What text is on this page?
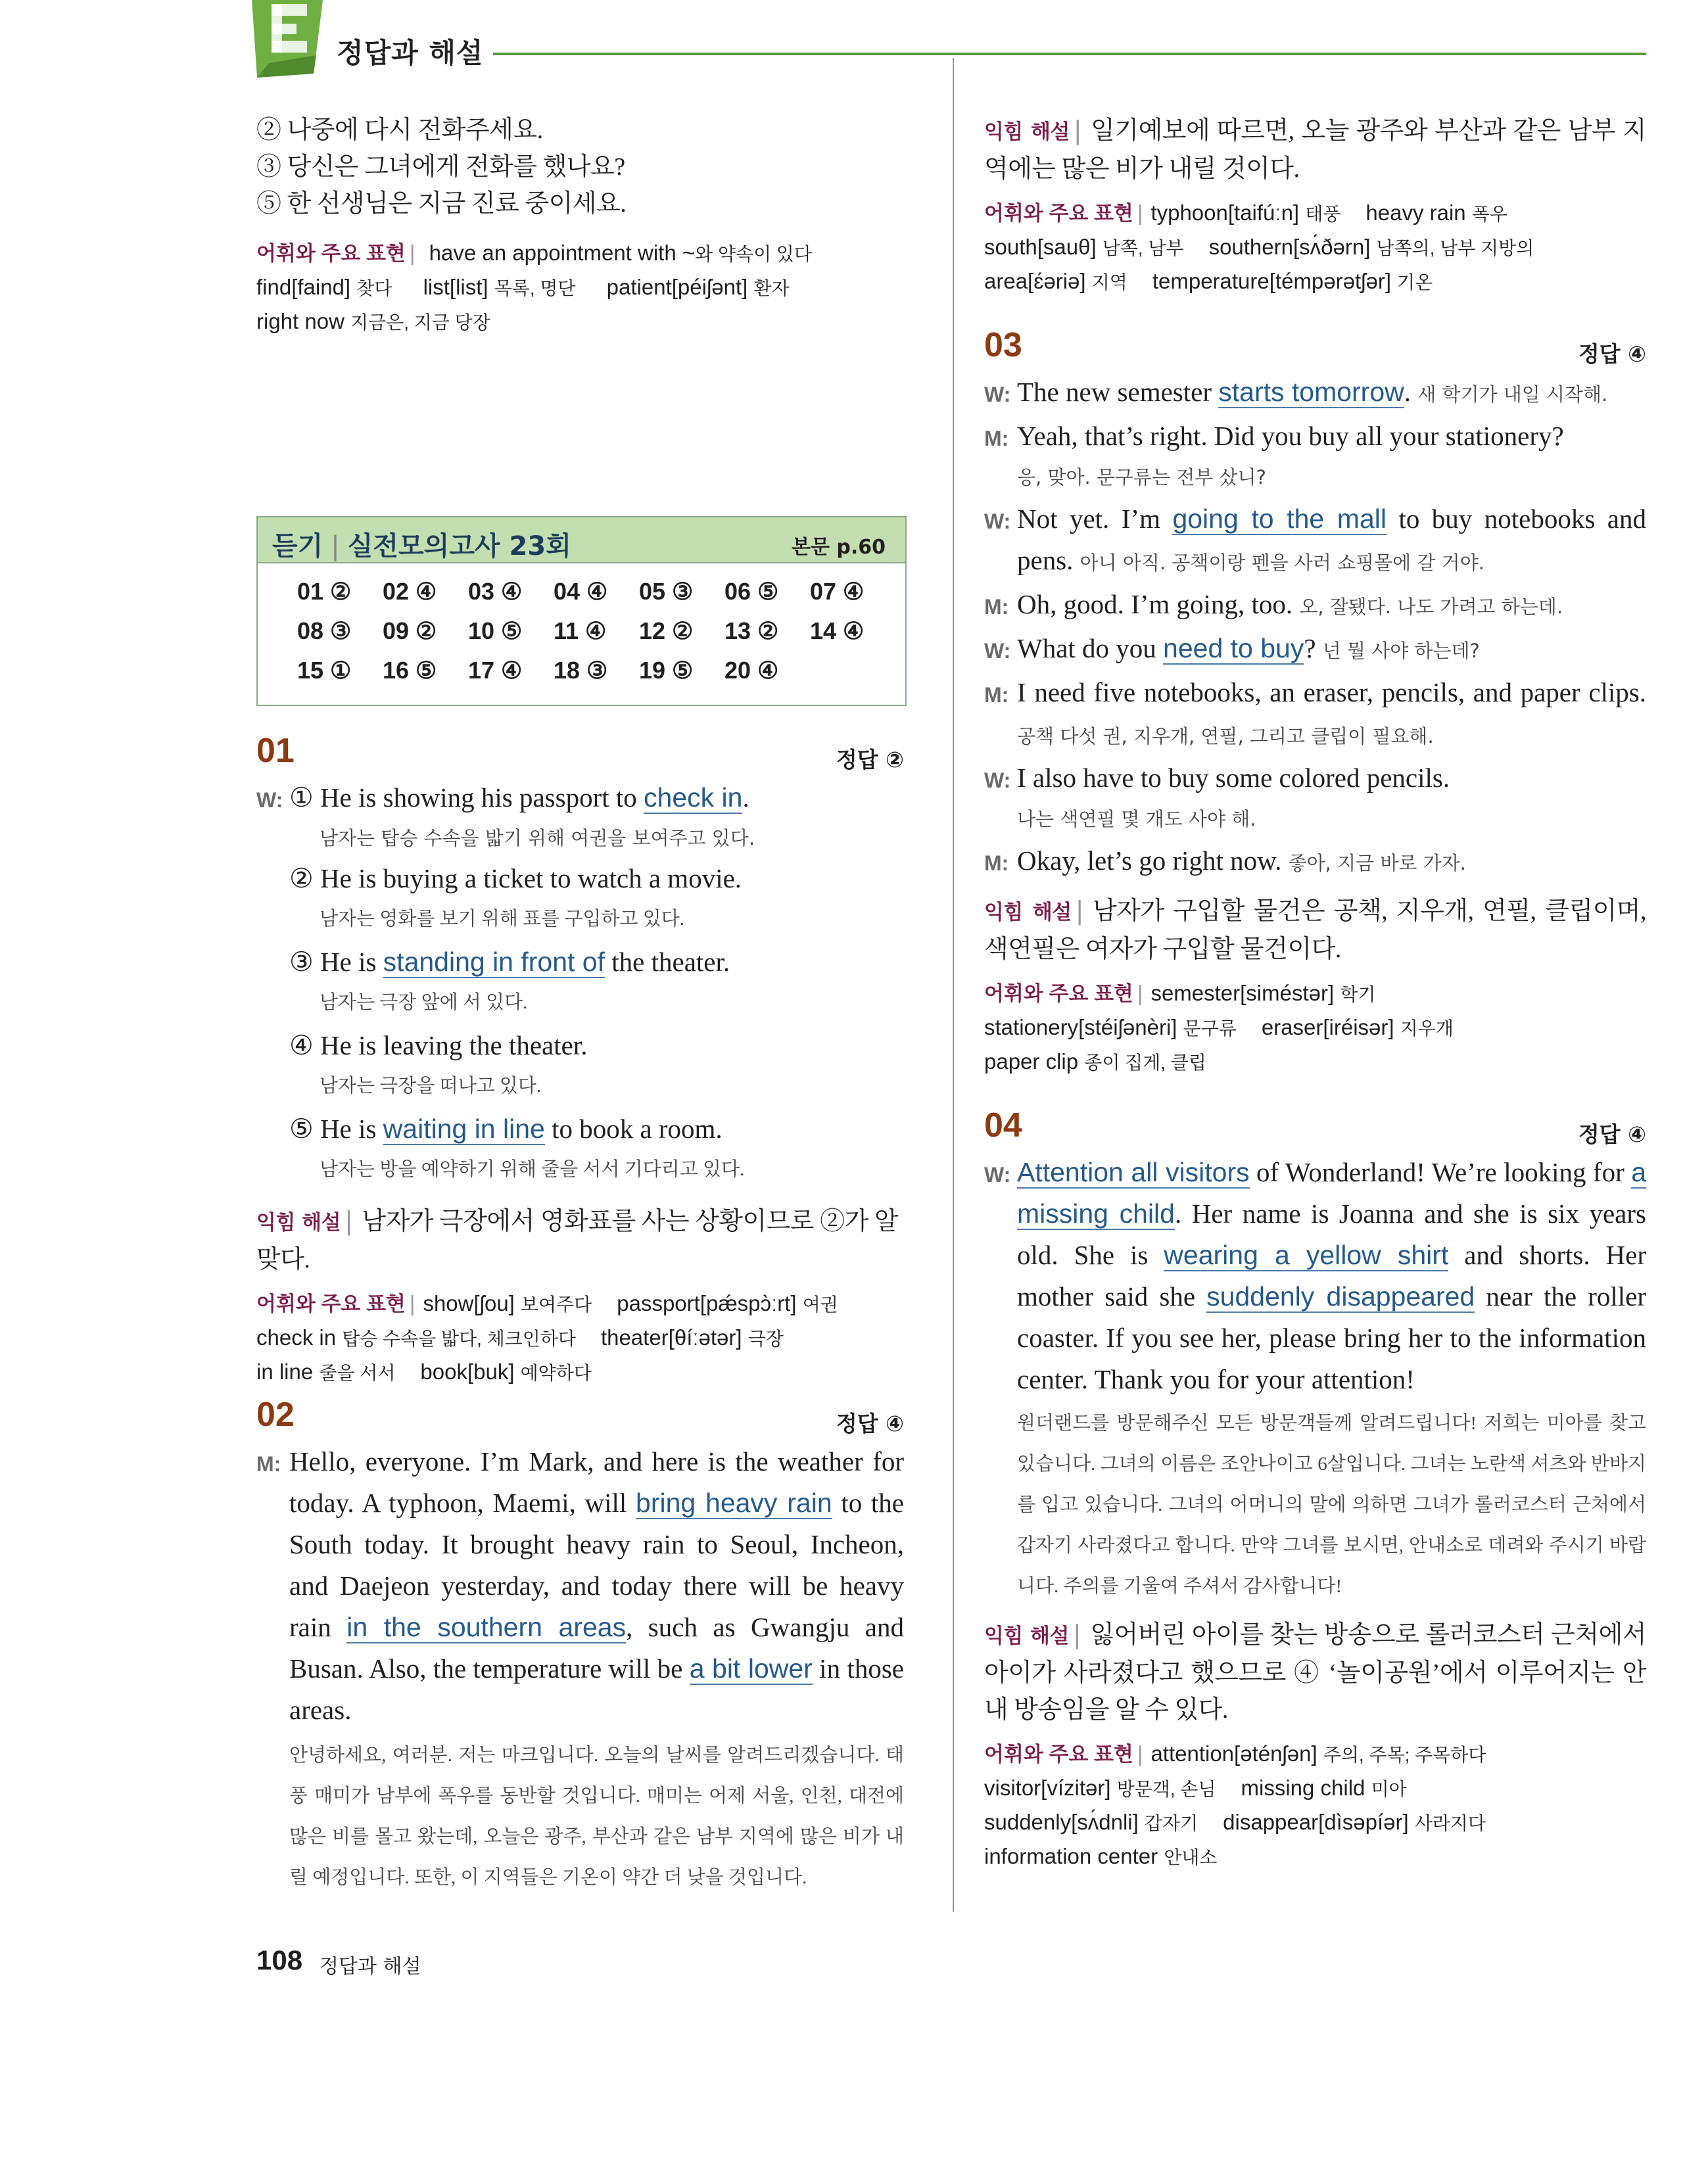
정답과 해설

② 나중에 다시 전화주세요.

③ 당신은 그녀에게 전화를 했나요?

⑤ 한 선생님은 지금 진료 중이세요.

어휘와 주요 표현 | have an appointment with ~와 약속이 있다

find[faind] 찾다 list[list] 목록, 명단 patient[péiʃənt] 환자

right now 지금은, 지금 당장

듣기 | 실전모의고사 23회	본문 p.60
01 ②	02 ④	03 ④	04 ④	05 ③	06 ⑤	07 ④
08 ③	09 ②	10 ⑤	11 ④	12 ②	13 ②	14 ④
15 ①	16 ⑤	17 ④	18 ③	19 ⑤	20 ④
01	정답 ②
W: ① He is showing his passport to check in.
남자는 탑승 수속을 밟기 위해 여권을 보여주고 있다.
② He is buying a ticket to watch a movie.
남자는 영화를 보기 위해 표를 구입하고 있다.
③ He is standing in front of the theater.
남자는 극장 앞에 서 있다.
④ He is leaving the theater.
남자는 극장을 떠나고 있다.
⑤ He is waiting in line to book a room.
남자는 방을 예약하기 위해 줄을 서서 기다리고 있다.

익힘 해설 | 남자가 극장에서 영화표를 사는 상황이므로 ②가 알맞다.

어휘와 주요 표현 | show[ʃou] 보여주다 passport[pǽspɔ̀ːrt] 여권

check in 탑승 수속을 밟다, 체크인하다 theater[θíːətər] 극장

in line 줄을 서서 book[buk] 예약하다

02	정답 ④
M: Hello, everyone. I’m Mark, and here is the weather for today. A typhoon, Maemi, will bring heavy rain to the South today. It brought heavy rain to Seoul, Incheon, and Daejeon yesterday, and today there will be heavy rain in the southern areas, such as Gwangju and Busan. Also, the temperature will be a bit lower in those areas.
안녕하세요, 여러분. 저는 마크입니다. 오늘의 날씨를 알려드리겠습니다. 태풍 매미가 남부에 폭우를 동반할 것입니다. 매미는 어제 서울, 인천, 대전에 많은 비를 몰고 왔는데, 오늘은 광주, 부산과 같은 남부 지역에 많은 비가 내릴 예정입니다. 또한, 이 지역들은 기온이 약간 더 낮을 것입니다.

익힘 해설 | 일기예보에 따르면, 오늘 광주와 부산과 같은 남부 지역에는 많은 비가 내릴 것이다.

어휘와 주요 표현 | typhoon[taifúːn] 태풍 heavy rain 폭우

south[sauθ] 남쪽, 남부 southern[sʌ́ðərn] 남쪽의, 남부 지방의

area[ɛ́əriə] 지역 temperature[témpərətʃər] 기온

03	정답 ④
W: The new semester starts tomorrow. 새 학기가 내일 시작해.
M: Yeah, that’s right. Did you buy all your stationery?
응, 맞아. 문구류는 전부 샀니?
W: Not yet. I’m going to the mall to buy notebooks and pens. 아니 아직. 공책이랑 펜을 사러 쇼핑몰에 갈 거야.
M: Oh, good. I’m going, too. 오, 잘됐다. 나도 가려고 하는데.
W: What do you need to buy? 넌 뭘 사야 하는데?
M: I need five notebooks, an eraser, pencils, and paper clips. 공책 다섯 권, 지우개, 연필, 그리고 클립이 필요해.
W: I also have to buy some colored pencils.
나는 색연필 몇 개도 사야 해.
M: Okay, let’s go right now. 좋아, 지금 바로 가자.

익힘 해설 | 남자가 구입할 물건은 공책, 지우개, 연필, 클립이며, 색연필은 여자가 구입할 물건이다.

어휘와 주요 표현 | semester[siméstər] 학기

stationery[stéiʃənèri] 문구류 eraser[iréisər] 지우개

paper clip 종이 집게, 클립

04	정답 ④
W: Attention all visitors of Wonderland! We’re looking for a missing child. Her name is Joanna and she is six years old. She is wearing a yellow shirt and shorts. Her mother said she suddenly disappeared near the roller coaster. If you see her, please bring her to the information center. Thank you for your attention!
원더랜드를 방문해주신 모든 방문객들께 알려드립니다! 저희는 미아를 찾고 있습니다. 그녀의 이름은 조안나이고 6살입니다. 그녀는 노란색 셔츠와 반바지를 입고 있습니다. 그녀의 어머니의 말에 의하면 그녀가 롤러코스터 근처에서 갑자기 사라졌다고 합니다. 만약 그녀를 보시면, 안내소로 데려와 주시기 바랍니다. 주의를 기울여 주셔서 감사합니다!

익힘 해설 | 잃어버린 아이를 찾는 방송으로 롤러코스터 근처에서 아이가 사라졌다고 했으므로 ④ ‘놀이공원’에서 이루어지는 안내 방송임을 알 수 있다.

어휘와 주요 표현 | attention[əténʃən] 주의, 주목; 주목하다

visitor[vízitər] 방문객, 손님 missing child 미아

suddenly[sʌ́dnli] 갑자기 disappear[dìsəpíər] 사라지다

information center 안내소

108 정답과 해설
